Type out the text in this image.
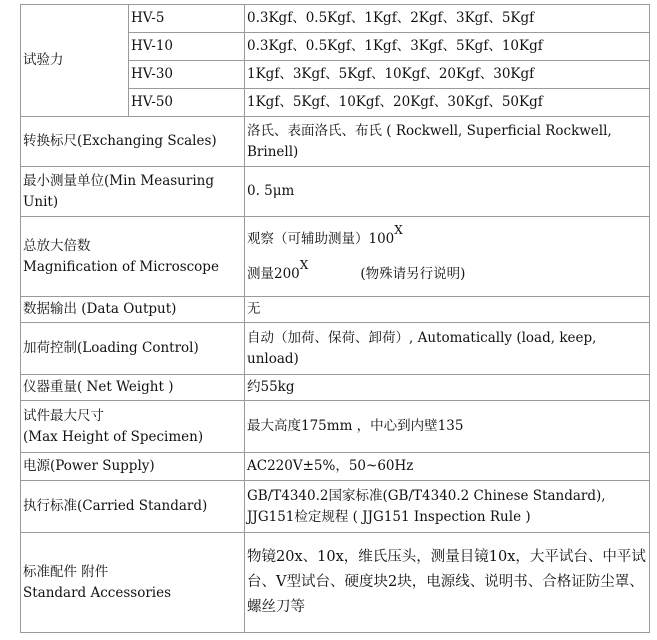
试验力	HV-5	0.3Kgf、0.5Kgf、1Kgf、2Kgf、3Kgf、5Kgf
	HV-10	0.3Kgf、0.5Kgf、1Kgf、3Kgf、5Kgf、10Kgf
	HV-30	1Kgf、3Kgf、5Kgf、10Kgf、20Kgf、30Kgf
	HV-50	1Kgf、5Kgf、10Kgf、20Kgf、30Kgf、50Kgf
转换标尺(Exchanging Scales)		洛氏、表面洛氏、布氏 ( Rockwell, Superficial Rockwell, Brinell)
最小测量单位(Min Measuring Unit)		0. 5μm

总放大倍数
Magnification of Microscope		观察（可辅助测量）$100^X$
测量$200^X$(物殊请另行说明)

数据输出 (Data Output)		无
加荷控制(Loading Control)		自动（加荷、保荷、卸荷）, Automatically (load, keep, unload)
仪器重量( Net Weight )		约55kg

试件最大尺寸
(Max Height of Specimen)		最大高度175mm ，中心到内壁135
电源(Power Supply)		AC220V±5%，50~60Hz
执行标准(Carried Standard)		GB/T4340.2国家标准(GB/T4340.2 Chinese Standard),
JJG151检定规程 ( JJG151 Inspection Rule )

标准配件 附件
Standard Accessories		物镜20x、10x，维氏压头，测量目镜10x，大平试台、中平试台、V型试台、硬度块2块，电源线、说明书、合格证防尘罩、螺丝刀等
